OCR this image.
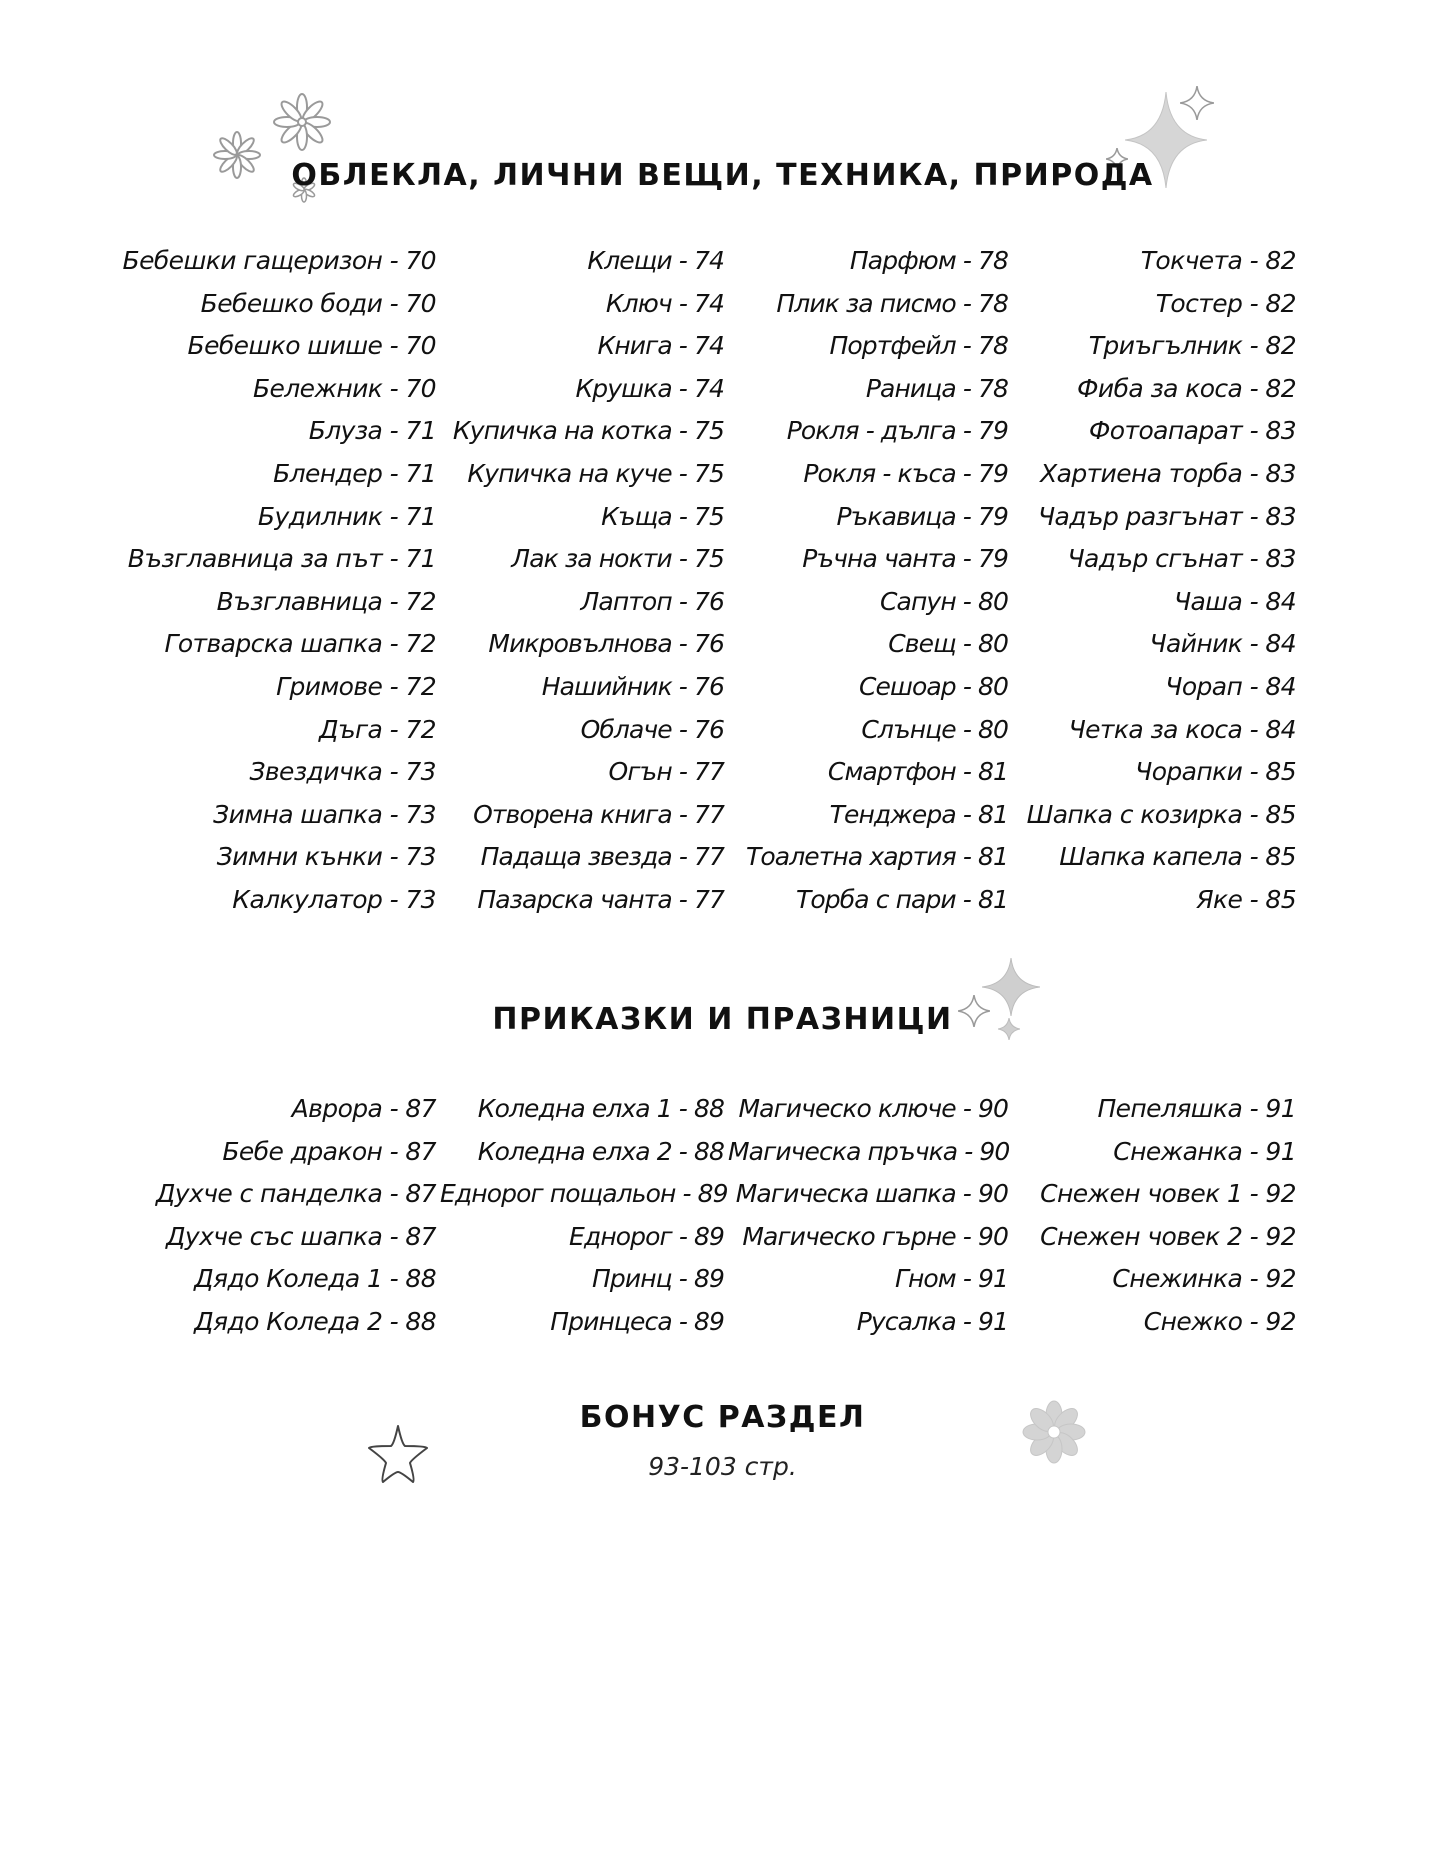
ОБЛЕКЛА, ЛИЧНИ ВЕЩИ, ТЕХНИКА, ПРИРОДА
Бебешки гащеризон - 70
Бебешко боди - 70
Бебешко шише - 70
Бележник - 70
Блуза - 71
Блендер - 71
Будилник - 71
Възглавница за път - 71
Възглавница - 72
Готварска шапка - 72
Гримове - 72
Дъга - 72
Звездичка - 73
Зимна шапка - 73
Зимни кънки - 73
Калкулатор - 73
Клещи - 74
Ключ - 74
Книга - 74
Крушка - 74
Купичка на котка - 75
Купичка на куче - 75
Къща - 75
Лак за нокти - 75
Лаптоп - 76
Микровълнова - 76
Нашийник - 76
Облаче - 76
Огън - 77
Отворена книга - 77
Падаща звезда - 77
Пазарска чанта - 77
Парфюм - 78
Плик за писмо - 78
Портфейл - 78
Раница - 78
Рокля - дълга - 79
Рокля - къса - 79
Ръкавица - 79
Ръчна чанта - 79
Сапун - 80
Свещ - 80
Сешоар - 80
Слънце - 80
Смартфон - 81
Тенджера - 81
Тоалетна хартия - 81
Торба с пари - 81
Токчета - 82
Тостер - 82
Триъгълник - 82
Фиба за коса - 82
Фотоапарат - 83
Хартиена торба - 83
Чадър разгънат - 83
Чадър сгънат - 83
Чаша - 84
Чайник - 84
Чорап - 84
Четка за коса - 84
Чорапки - 85
Шапка с козирка - 85
Шапка капела - 85
Яке - 85
ПРИКАЗКИ И ПРАЗНИЦИ
Аврора - 87
Бебе дракон - 87
Духче с панделка - 87
Духче със шапка - 87
Дядо Коледа 1 - 88
Дядо Коледа 2 - 88
Коледна елха 1 - 88
Коледна елха 2 - 88
Еднорог пощальон - 89
Еднорог - 89
Принц - 89
Принцеса - 89
Магическо ключе - 90
Магическа пръчка - 90
Магическа шапка - 90
Магическо гърне - 90
Гном - 91
Русалка - 91
Пепеляшка - 91
Снежанка - 91
Снежен човек 1 - 92
Снежен човек 2 - 92
Снежинка - 92
Снежко - 92
БОНУС РАЗДЕЛ
93-103 стр.
